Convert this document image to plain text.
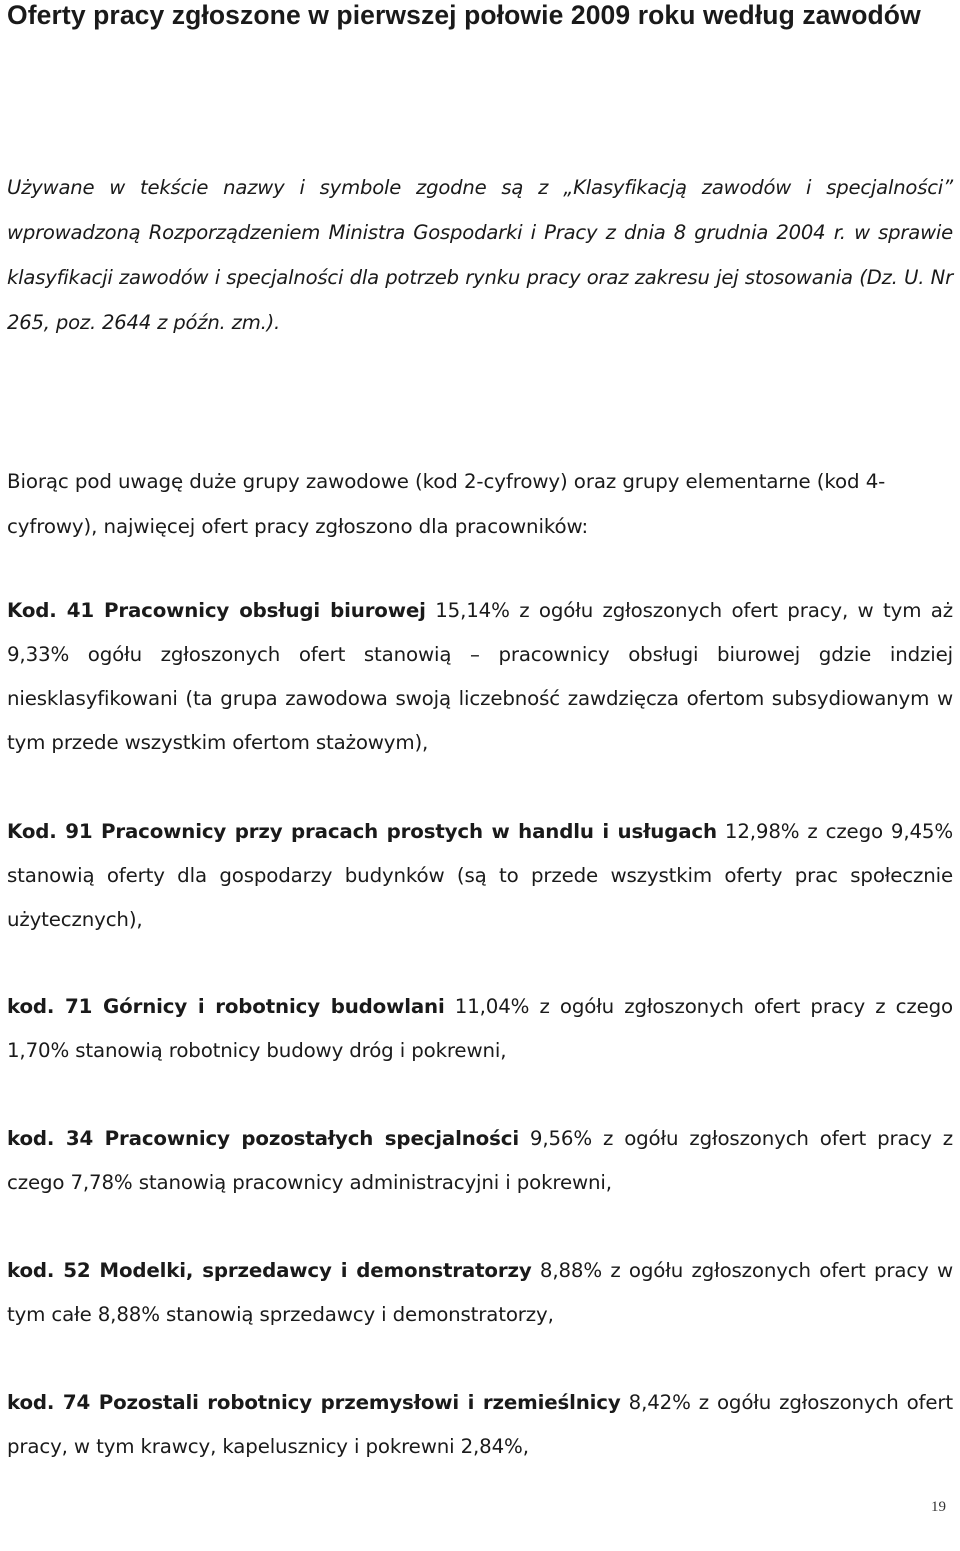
Oferty pracy zgłoszone w pierwszej połowie 2009 roku według zawodów

Używane w tekście nazwy i symbole zgodne są z „Klasyfikacją zawodów i specjalności” wprowadzoną Rozporządzeniem Ministra Gospodarki i Pracy z dnia 8 grudnia 2004 r. w sprawie klasyfikacji zawodów i specjalności dla potrzeb rynku pracy oraz zakresu jej stosowania (Dz. U. Nr 265, poz. 2644 z późn. zm.).

Biorąc pod uwagę duże grupy zawodowe (kod 2-cyfrowy) oraz grupy elementarne (kod 4-cyfrowy), najwięcej ofert pracy zgłoszono dla pracowników:

Kod. 41 Pracownicy obsługi biurowej 15,14% z ogółu zgłoszonych ofert pracy, w tym aż 9,33% ogółu zgłoszonych ofert stanowią – pracownicy obsługi biurowej gdzie indziej niesklasyfikowani (ta grupa zawodowa swoją liczebność zawdzięcza ofertom subsydiowanym w tym przede wszystkim ofertom stażowym),

Kod. 91 Pracownicy przy pracach prostych w handlu i usługach 12,98% z czego 9,45% stanowią oferty dla gospodarzy budynków (są to przede wszystkim oferty prac społecznie użytecznych),

kod. 71 Górnicy i robotnicy budowlani 11,04% z ogółu zgłoszonych ofert pracy z czego 1,70% stanowią robotnicy budowy dróg i pokrewni,

kod. 34 Pracownicy pozostałych specjalności 9,56% z ogółu zgłoszonych ofert pracy z czego 7,78% stanowią pracownicy administracyjni i pokrewni,

kod. 52 Modelki, sprzedawcy i demonstratorzy 8,88% z ogółu zgłoszonych ofert pracy w tym całe 8,88% stanowią sprzedawcy i demonstratorzy,

kod. 74 Pozostali robotnicy przemysłowi i rzemieślnicy 8,42% z ogółu zgłoszonych ofert pracy, w tym krawcy, kapelusznicy i pokrewni 2,84%,

19
